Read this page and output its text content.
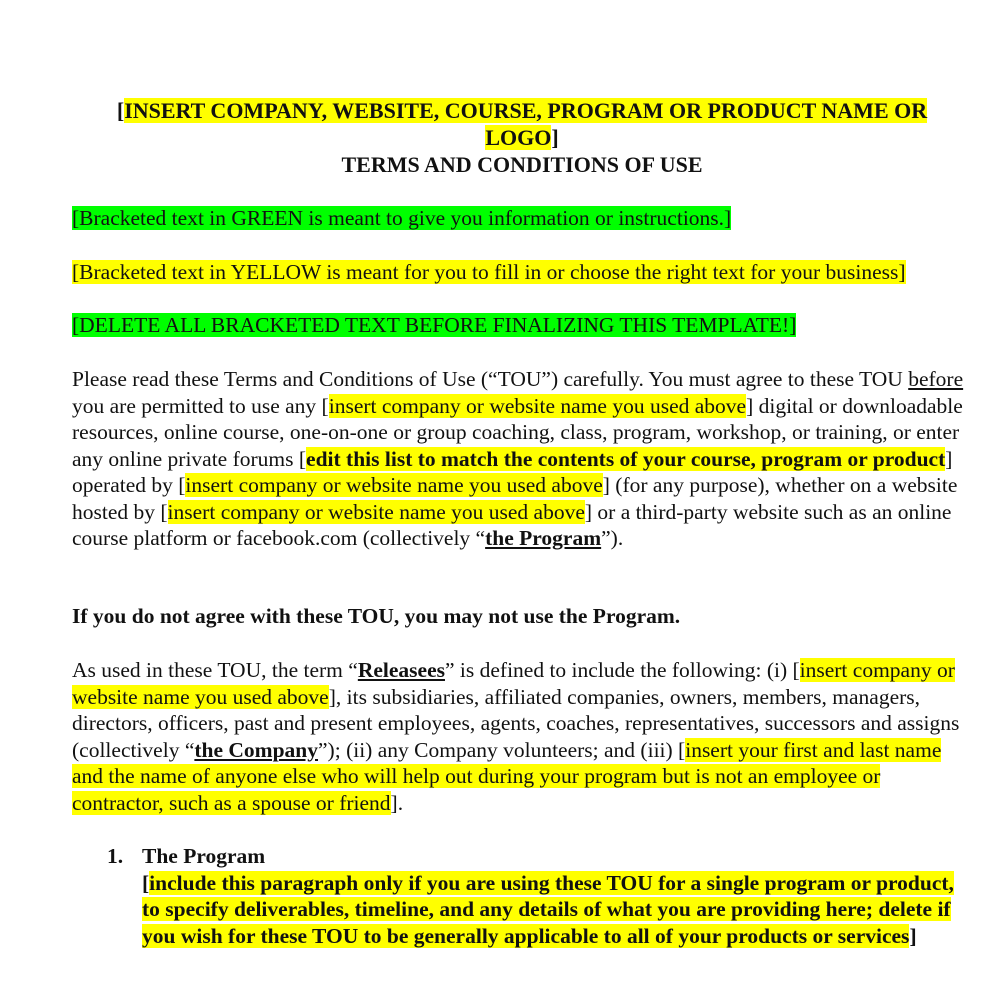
[INSERT COMPANY, WEBSITE, COURSE, PROGRAM OR PRODUCT NAME OR
LOGO]
TERMS AND CONDITIONS OF USE
[Bracketed text in GREEN is meant to give you information or instructions.]
[Bracketed text in YELLOW is meant for you to fill in or choose the right text for your business]
[DELETE ALL BRACKETED TEXT BEFORE FINALIZING THIS TEMPLATE!]
Please read these Terms and Conditions of Use (“TOU”) carefully. You must agree to these TOU before you are permitted to use any [insert company or website name you used above] digital or downloadable resources, online course, one-on-one or group coaching, class, program, workshop, or training, or enter any online private forums [edit this list to match the contents of your course, program or product] operated by [insert company or website name you used above] (for any purpose), whether on a website hosted by [insert company or website name you used above] or a third-party website such as an online course platform or facebook.com (collectively “the Program”).
If you do not agree with these TOU, you may not use the Program.
As used in these TOU, the term “Releasees” is defined to include the following: (i) [insert company or website name you used above], its subsidiaries, affiliated companies, owners, members, managers, directors, officers, past and present employees, agents, coaches, representatives, successors and assigns (collectively “the Company”); (ii) any Company volunteers; and (iii) [insert your first and last name and the name of anyone else who will help out during your program but is not an employee or contractor, such as a spouse or friend].
1. The Program
[include this paragraph only if you are using these TOU for a single program or product, to specify deliverables, timeline, and any details of what you are providing here; delete if you wish for these TOU to be generally applicable to all of your products or services]
